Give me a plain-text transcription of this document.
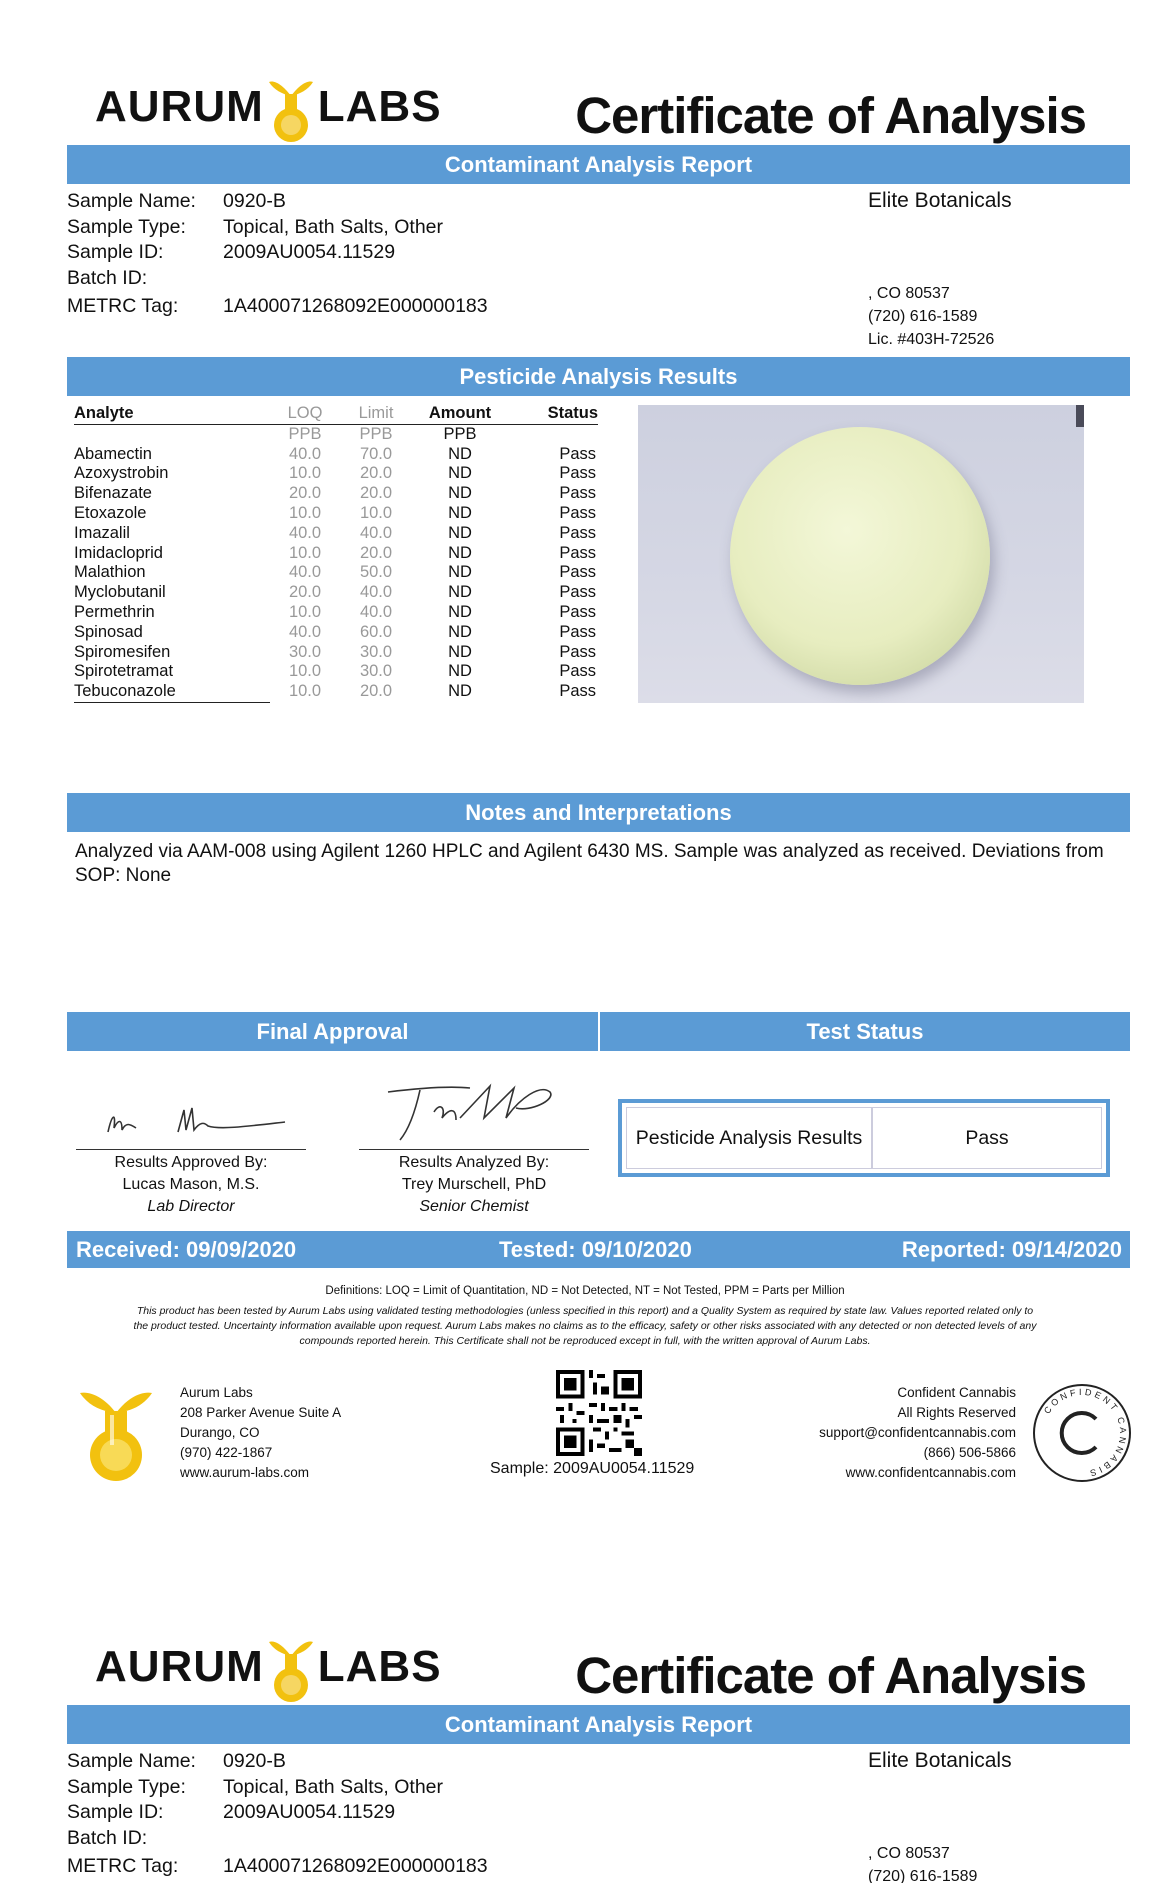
AURUM LABS	Certificate of Analysis
Contaminant Analysis Report
Sample Name:	0920-B
Sample Type:	Topical, Bath Salts, Other
Sample ID:	2009AU0054.11529
Batch ID:
METRC Tag:	1A400071268092E000000183
Elite Botanicals
, CO 80537
(720) 616-1589
Lic. #403H-72526
Pesticide Analysis Results
Analyte	LOQ	Limit	Amount	Status
	PPB	PPB	PPB	
Abamectin	40.0	70.0	ND	Pass
Azoxystrobin	10.0	20.0	ND	Pass
Bifenazate	20.0	20.0	ND	Pass
Etoxazole	10.0	10.0	ND	Pass
Imazalil	40.0	40.0	ND	Pass
Imidacloprid	10.0	20.0	ND	Pass
Malathion	40.0	50.0	ND	Pass
Myclobutanil	20.0	40.0	ND	Pass
Permethrin	10.0	40.0	ND	Pass
Spinosad	40.0	60.0	ND	Pass
Spiromesifen	30.0	30.0	ND	Pass
Spirotetramat	10.0	30.0	ND	Pass
Tebuconazole	10.0	20.0	ND	Pass
Notes and Interpretations
Analyzed via AAM-008 using Agilent 1260 HPLC and Agilent 6430 MS. Sample was analyzed as received. Deviations from SOP: None
Final Approval	Test Status
Results Approved By:
Lucas Mason, M.S.
Lab Director
Results Analyzed By:
Trey Murschell, PhD
Senior Chemist
Pesticide Analysis Results	Pass
Received: 09/09/2020	Tested: 09/10/2020	Reported: 09/14/2020
Definitions: LOQ = Limit of Quantitation, ND = Not Detected, NT = Not Tested, PPM = Parts per Million
This product has been tested by Aurum Labs using validated testing methodologies (unless specified in this report) and a Quality System as required by state law. Values reported related only to the product tested. Uncertainty information available upon request. Aurum Labs makes no claims as to the efficacy, safety or other risks associated with any detected or non detected levels of any compounds reported herein. This Certificate shall not be reproduced except in full, with the written approval of Aurum Labs.
Aurum Labs
208 Parker Avenue Suite A
Durango, CO
(970) 422-1867
www.aurum-labs.com	Sample: 2009AU0054.11529
Confident Cannabis
All Rights Reserved
support@confidentcannabis.com
(866) 506-5866
www.confidentcannabis.com
CONFIDENT CANNABIS
AURUM LABS	Certificate of Analysis
Contaminant Analysis Report
Sample Name:	0920-B
Sample Type:	Topical, Bath Salts, Other
Sample ID:	2009AU0054.11529
Batch ID:
METRC Tag:	1A400071268092E000000183
Elite Botanicals
, CO 80537
(720) 616-1589
